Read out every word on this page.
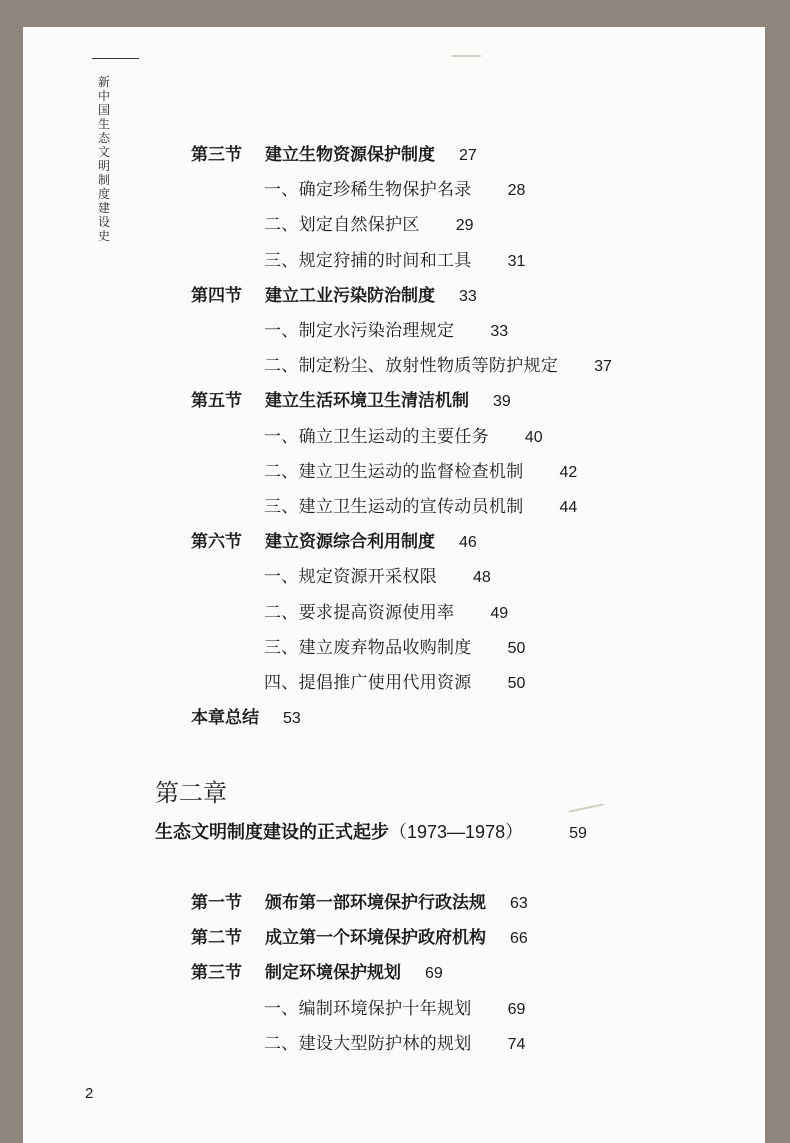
新中国生态文明制度建设史
第三节 建立生物资源保护制度 27
一、确定珍稀生物保护名录 28
二、划定自然保护区 29
三、规定狩捕的时间和工具 31
第四节 建立工业污染防治制度 33
一、制定水污染治理规定 33
二、制定粉尘、放射性物质等防护规定 37
第五节 建立生活环境卫生清洁机制 39
一、确立卫生运动的主要任务 40
二、建立卫生运动的监督检查机制 42
三、建立卫生运动的宣传动员机制 44
第六节 建立资源综合利用制度 46
一、规定资源开采权限 48
二、要求提高资源使用率 49
三、建立废弃物品收购制度 50
四、提倡推广使用代用资源 50
本章总结 53
第一节 颁布第一部环境保护行政法规 63
第二节 成立第一个环境保护政府机构 66
第三节 制定环境保护规划 69
一、编制环境保护十年规划 69
二、建设大型防护林的规划 74
第二章
生态文明制度建设的正式起步（1973—1978）	59
2
